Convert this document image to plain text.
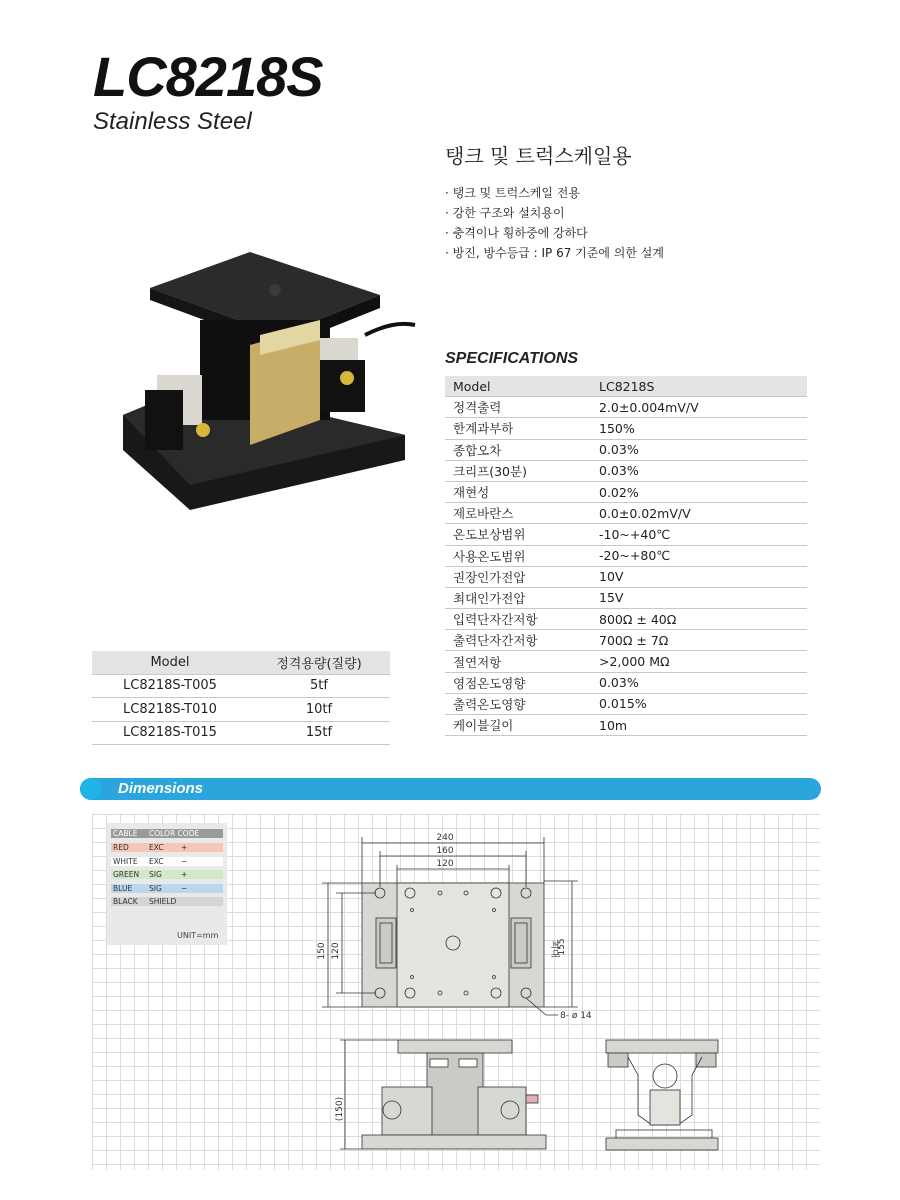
LC8218S
Stainless Steel
탱크 및 트럭스케일용
· 탱크 및 트럭스케일 전용
· 강한 구조와 설치용이
· 충격이나 횡하중에 강하다
· 방진, 방수등급 : IP 67 기준에 의한 설계
SPECIFICATIONS
Model	LC8218S
정격출력	2.0±0.004mV/V
한계과부하	150%
종합오차	0.03%
크리프(30분)	0.03%
재현성	0.02%
제로바란스	0.0±0.02mV/V
온도보상범위	-10~+40℃
사용온도범위	-20~+80℃
권장인가전압	10V
최대인가전압	15V
입력단자간저항	800Ω ± 40Ω
출력단자간저항	700Ω ± 7Ω
절연저항	>2,000 MΩ
영점온도영향	0.03%
출력온도영향	0.015%
케이블길이	10m
Model	정격용량(질량)
LC8218S-T005	5tf
LC8218S-T010	10tf
LC8218S-T015	15tf
Dimensions
CABLE COLOR CODE
RED	EXC +
WHITE EXC −
GREEN SIG	+
BLUE SIG	−
BLACK SHIELD
UNIT=mm
240
160
120
150 120	최대
155
8- ø 14
(150)
